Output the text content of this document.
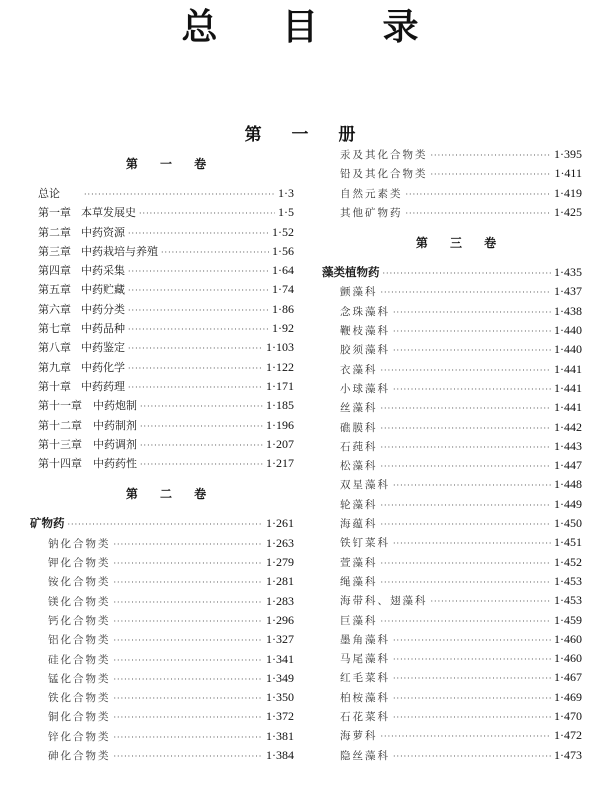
总 目 录
第 一 册
第 一 卷
总论 ·····	1·3
第一章 本草发展史 ·····	1·5
第二章 中药资源 ·····	1·52
第三章 中药栽培与养殖 ·····	1·56
第四章 中药采集 ·····	1·64
第五章 中药贮藏 ·····	1·74
第六章 中药分类 ·····	1·86
第七章 中药品种 ·····	1·92
第八章 中药鉴定 ·····	1·103
第九章 中药化学 ·····	1·122
第十章 中药药理 ·····	1·171
第十一章 中药炮制 ·····	1·185
第十二章 中药制剂 ·····	1·196
第十三章 中药调剂 ·····	1·207
第十四章 中药药性 ·····	1·217
第 二 卷
矿物药 ·····	1·261
钠化合物类 ·····	1·263
钾化合物类 ·····	1·279
铵化合物类 ·····	1·281
镁化合物类 ·····	1·283
钙化合物类 ·····	1·296
铝化合物类 ·····	1·327
硅化合物类 ·····	1·341
锰化合物类 ·····	1·349
铁化合物类 ·····	1·350
铜化合物类 ·····	1·372
锌化合物类 ·····	1·381
砷化合物类 ·····	1·384
汞及其化合物类 ·····	1·395
铅及其化合物类 ·····	1·411
自然元素类 ·····	1·419
其他矿物药 ·····	1·425
第 三 卷
藻类植物药 ·····	1·435
颤藻科 ·····	1·437
念珠藻科 ·····	1·438
鞭枝藻科 ·····	1·440
胶须藻科 ·····	1·440
衣藻科 ·····	1·441
小球藻科 ·····	1·441
丝藻科 ·····	1·441
礁膜科 ·····	1·442
石莼科 ·····	1·443
松藻科 ·····	1·447
双星藻科 ·····	1·448
轮藻科 ·····	1·449
海蕴科 ·····	1·450
铁钉菜科 ·····	1·451
萱藻科 ·····	1·452
绳藻科 ·····	1·453
海带科、翅藻科 ·····	1·453
巨藻科 ·····	1·459
墨角藻科 ·····	1·460
马尾藻科 ·····	1·460
红毛菜科 ·····	1·467
柏桉藻科 ·····	1·469
石花菜科 ·····	1·470
海萝科 ·····	1·472
隐丝藻科 ·····	1·473
